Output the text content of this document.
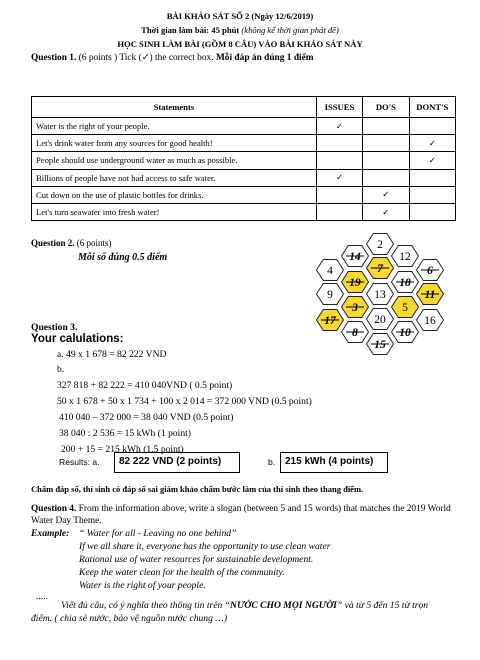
BÀI KHẢO SÁT SỐ 2 (Ngày 12/6/2019)
Thời gian làm bài: 45 phút (không kể thời gian phát đề)
HỌC SINH LÀM BÀI (GỒM 8 CÂU) VÀO BÀI KHẢO SÁT NÀY
Question 1. (6 points ) Tick (✓) the correct box. Mỗi đáp án đúng 1 điểm
Statements	ISSUES	DO'S	DONT'S
Water is the right of your people.	✓		
Let's drink water from any sources for good health!			✓
People should use underground water as much as possible.			✓
Billions of people have not had access to safe water.	✓		
Cut down on the use of plastic bottles for drinks.		✓	
Let's turn seawater into fresh water!		✓	
Question 2. (6 points)
Mỗi số đúng 0.5 điểm
2
14
7
12
4
18
6
19
13
9
5
11
3
20
17
10
8
16
15
Question 3.
Your calulations:
a. 49 x 1 678 = 82 222 VND
b.
327 818 + 82 222 = 410 040VND ( 0.5 point)
50 x 1 678 + 50 x 1 734 + 100 x 2 014 = 372 000 VND (0.5 point)
410 040 – 372 000 = 38 040 VND (0.5 point)
38 040 : 2 536 = 15 kWh (1 point)
200 + 15 = 215 kWh (1,5 point)
Results: a.	82 222 VND (2 points)	b. 215 kWh (4 points)
Chấm đáp số, thí sinh có đáp số sai giám khảo chấm bước làm của thí sinh theo thang điểm.
Question 4. From the information above, write a slogan (between 5 and 15 words) that matches the 2019 World Water Day Theme.
Example: “ Water for all - Leaving no one behind”
If we all share it, everyone has the opportunity to use clean water
Rational use of water resources for sustainable development.
Keep the water clean for the health of the community.
Water is the right of your people.
.....
Viết đủ câu, có ý nghĩa theo thông tin trên “NƯỚC CHO MỌI NGƯỜI” và từ 5 đến 15 từ trọn điểm. ( chia sẻ nước, bảo vệ nguồn nước chung …)
